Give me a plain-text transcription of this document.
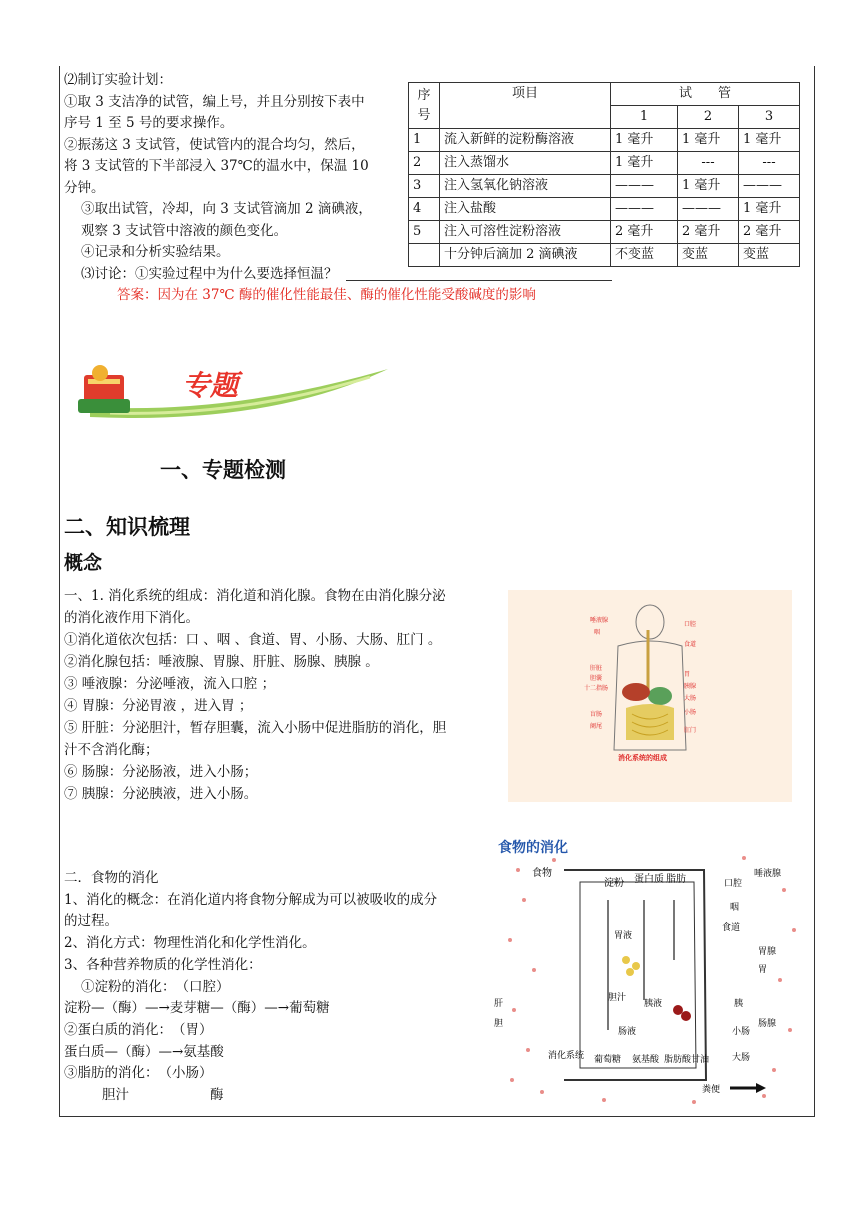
⑵制订实验计划：
①取 3 支洁净的试管，编上号，并且分别按下表中
序号 1 至 5 号的要求操作。
②振荡这 3 支试管，使试管内的混合均匀，然后，
将 3 支试管的下半部浸入 37℃的温水中，保温 10
分钟。
③取出试管，冷却，向 3 支试管滴加 2 滴碘液，
观察 3 支试管中溶液的颜色变化。
④记录和分析实验结果。
⑶讨论：①实验过程中为什么要选择恒温？
答案：因为在 37℃ 酶的催化性能最佳、酶的催化性能受酸碱度的影响
序号	项目	试　　管		
		1	2	3
1	流入新鲜的淀粉酶溶液	1 毫升	1 毫升	1 毫升
2	注入蒸馏水	1 毫升	---	---
3	注入氢氧化钠溶液	———	1 毫升	———
4	注入盐酸	———	———	1 毫升
5	注入可溶性淀粉溶液	2 毫升	2 毫升	2 毫升
	十分钟后滴加 2 滴碘液	不变蓝	变蓝	变蓝
专题
一、专题检测
二、知识梳理
概念
一、1. 消化系统的组成：消化道和消化腺。食物在由消化腺分泌
的消化液作用下消化。
①消化道依次包括：口 、咽 、食道、胃、小肠、大肠、肛门 。
②消化腺包括：唾液腺、胃腺、肝脏、肠腺、胰腺 。
③ 唾液腺：分泌唾液，流入口腔 ；
④ 胃腺：分泌胃液 ，进入胃 ；
⑤ 肝脏：分泌胆汁，暂存胆囊，流入小肠中促进脂肪的消化，胆
汁不含消化酶；
⑥ 肠腺：分泌肠液，进入小肠；
⑦ 胰腺：分泌胰液，进入小肠。
唾液腺
咽
肝脏
胆囊
十二指肠
盲肠
阑尾
口腔
食道
胃
胰腺
大肠
小肠
肛门
消化系统的组成
二．食物的消化
1、消化的概念：在消化道内将食物分解成为可以被吸收的成分
的过程。
2、消化方式：物理性消化和化学性消化。
3、各种营养物质的化学性消化：
①淀粉的消化：　（口腔）
淀粉—（酶）—→麦芽糖—（酶）—→葡萄糖
②蛋白质的消化：　（胃）
蛋白质—（酶）—→氨基酸
③脂肪的消化：　（小肠）
胆汁　　　　　　酶
食物的消化
食物
淀粉 蛋白质 脂肪
胃液
胆汁
胰液
肠液
葡萄糖 氨基酸 脂肪酸甘油
消化系统
肝
胆
唾液腺
口腔
咽
食道
胃腺
胃
胰
肠腺
小肠
大肠
粪便
